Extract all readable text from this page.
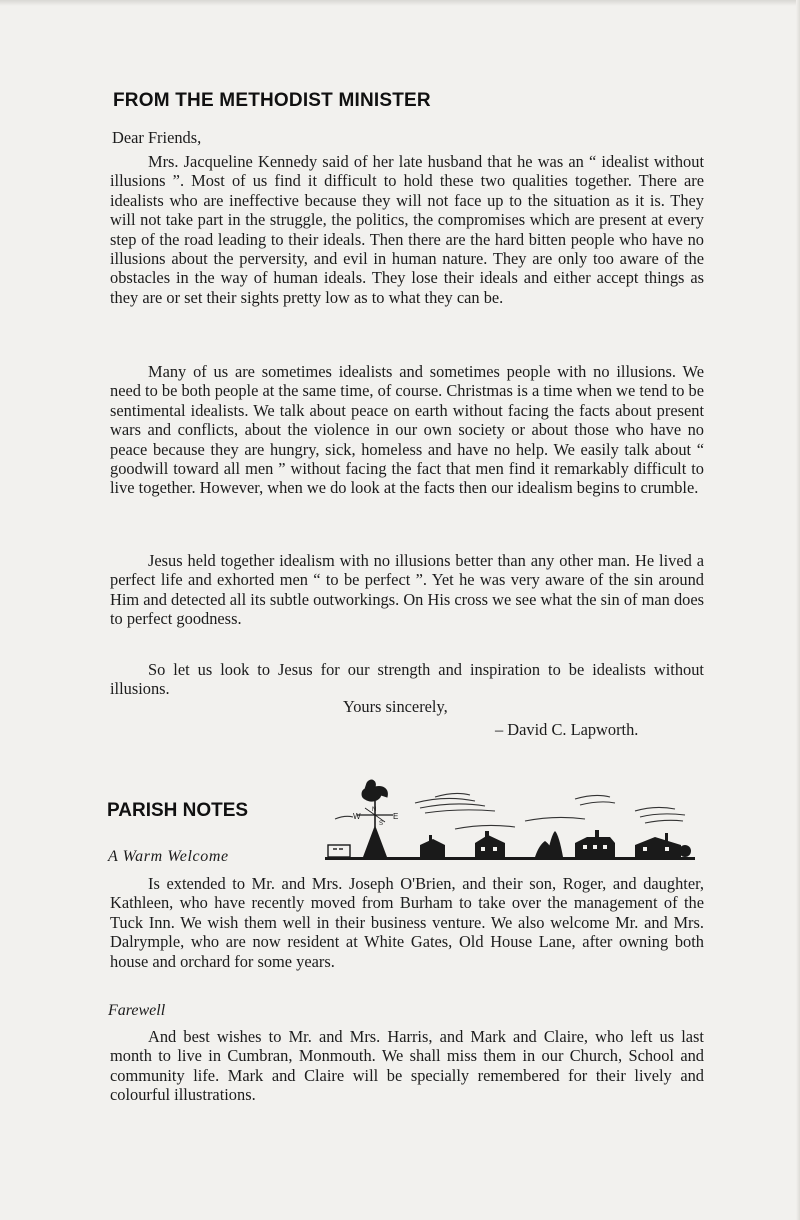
FROM THE METHODIST MINISTER
Dear Friends,

Mrs. Jacqueline Kennedy said of her late husband that he was an “ idealist without illusions ”. Most of us find it difficult to hold these two qualities together. There are idealists who are ineffective because they will not face up to the situation as it is. They will not take part in the struggle, the politics, the compromises which are present at every step of the road leading to their ideals. Then there are the hard bitten people who have no illusions about the perversity, and evil in human nature. They are only too aware of the obstacles in the way of human ideals. They lose their ideals and either accept things as they are or set their sights pretty low as to what they can be.

Many of us are sometimes idealists and sometimes people with no illusions. We need to be both people at the same time, of course. Christmas is a time when we tend to be sentimental idealists. We talk about peace on earth without facing the facts about present wars and conflicts, about the violence in our own society or about those who have no peace because they are hungry, sick, homeless and have no help. We easily talk about “ goodwill toward all men ” without facing the fact that men find it remarkably difficult to live together. However, when we do look at the facts then our idealism begins to crumble.

Jesus held together idealism with no illusions better than any other man. He lived a perfect life and exhorted men “ to be perfect ”. Yet he was very aware of the sin around Him and detected all its subtle outworkings. On His cross we see what the sin of man does to perfect goodness.

So let us look to Jesus for our strength and inspiration to be idealists without illusions.

Yours sincerely,
– David C. Lapworth.
PARISH NOTES	W	E
N
S
A Warm Welcome

Is extended to Mr. and Mrs. Joseph O'Brien, and their son, Roger, and daughter, Kathleen, who have recently moved from Burham to take over the management of the Tuck Inn. We wish them well in their business venture. We also welcome Mr. and Mrs. Dalrymple, who are now resident at White Gates, Old House Lane, after owning both house and orchard for some years.

Farewell

And best wishes to Mr. and Mrs. Harris, and Mark and Claire, who left us last month to live in Cumbran, Monmouth. We shall miss them in our Church, School and community life. Mark and Claire will be specially remembered for their lively and colourful illustrations.
